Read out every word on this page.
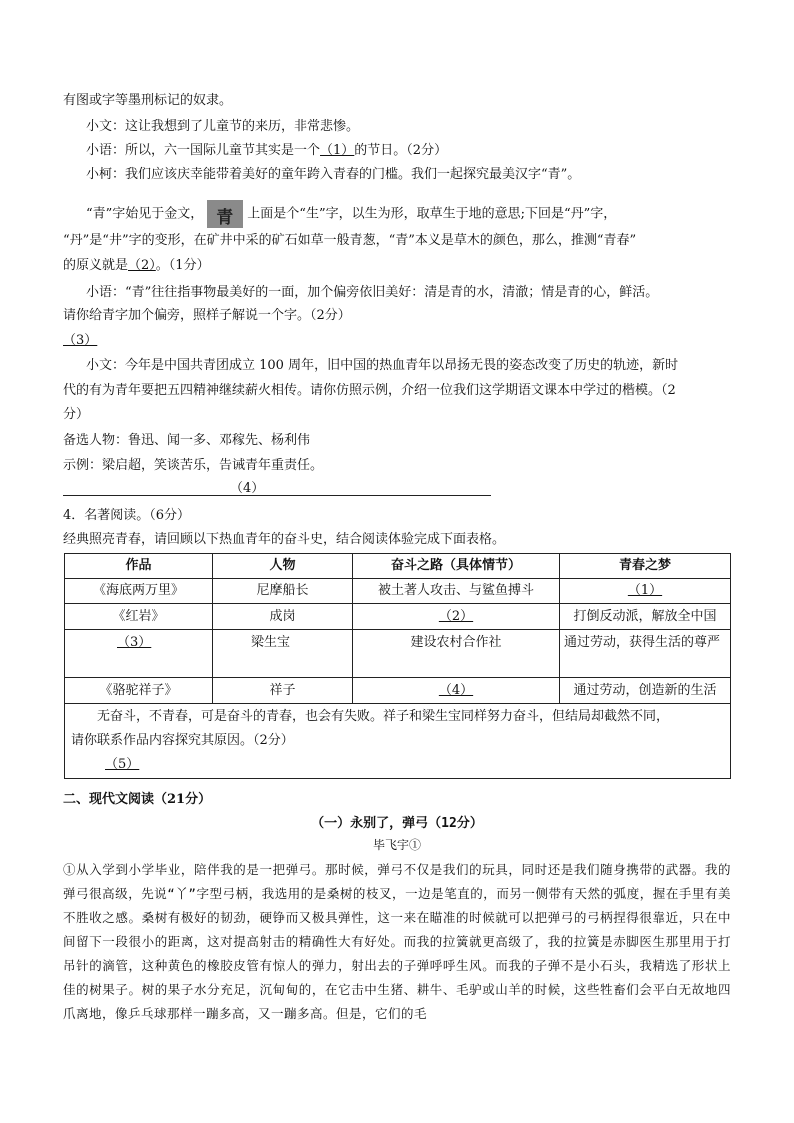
有图或字等墨刑标记的奴隶。
小文：这让我想到了儿童节的来历，非常悲惨。
小语：所以，六一国际儿童节其实是一个（1）的节日。（2分）
小柯：我们应该庆幸能带着美好的童年跨入青春的门槛。我们一起探究最美汉字“青”。
“青”字始见于金文， 青 上面是个“生”字，以生为形，取草生于地的意思;下回是“丹”字，
“丹”是“井”字的变形，在矿井中采的矿石如草一般青葱，“青”本义是草木的颜色，那么，推测“青春”
的原义就是（2）。（1分）
小语：“青”往往指事物最美好的一面，加个偏旁依旧美好：清是青的水，清澈；情是青的心，鲜活。
请你给青字加个偏旁，照样子解说一个字。（2分）
（3）
小文：今年是中国共青团成立 100 周年，旧中国的热血青年以昂扬无畏的姿态改变了历史的轨迹，新时
代的有为青年要把五四精神继续薪火相传。请你仿照示例，介绍一位我们这学期语文课本中学过的楷模。（2
分）
备选人物：鲁迅、闻一多、邓稼先、杨利伟
示例：梁启超，笑谈苦乐，告诫青年重责任。
（4）
4．名著阅读。（6分）
经典照亮青春，请回顾以下热血青年的奋斗史，结合阅读体验完成下面表格。
作品	人物	奋斗之路（具体情节）	青春之梦
《海底两万里》	尼摩船长	被土著人攻击、与鲨鱼搏斗	（1）
《红岩》	成岗	（2）	打倒反动派，解放全中国
（3）	梁生宝	建设农村合作社	通过劳动，获得生活的尊严
《骆驼祥子》	祥子	（4）	通过劳动，创造新的生活

无奋斗，不青春，可是奋斗的青春，也会有失败。祥子和梁生宝同样努力奋斗，但结局却截然不同，
请你联系作品内容探究其原因。（2分）
（5）			
二、现代文阅读（21分）
（一）永别了，弹弓（12分）
毕飞宇①
①从入学到小学毕业，陪伴我的是一把弹弓。那时候，弹弓不仅是我们的玩具，同时还是我们随身携带的武器。我的弹弓很高级，先说“丫”字型弓柄，我选用的是桑树的枝叉，一边是笔直的，而另一侧带有天然的弧度，握在手里有美不胜收之感。桑树有极好的韧劲，硬铮而又极具弹性，这一来在瞄准的时候就可以把弹弓的弓柄捏得很靠近，只在中间留下一段很小的距离，这对提高射击的精确性大有好处。而我的拉簧就更高级了，我的拉簧是赤脚医生那里用于打吊针的滴管，这种黄色的橡胶皮管有惊人的弹力，射出去的子弹呼呼生风。而我的子弹不是小石头，我精选了形状上佳的树果子。树的果子水分充足，沉甸甸的，在它击中生猪、耕牛、毛驴或山羊的时候，这些牲畜们会平白无故地四爪离地，像乒乓球那样一蹦多高，又一蹦多高。但是，它们的毛
